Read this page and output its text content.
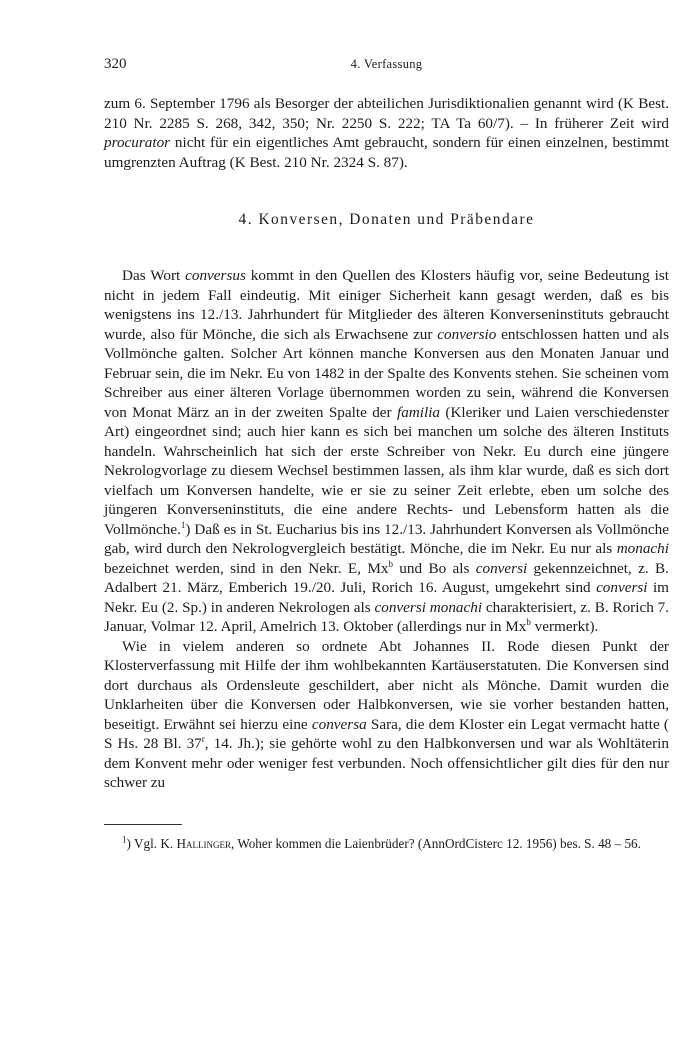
320	4. Verfassung

zum 6. September 1796 als Besorger der abteilichen Jurisdiktionalien genannt wird (K Best. 210 Nr. 2285 S. 268, 342, 350; Nr. 2250 S. 222; TA Ta 60/7). – In früherer Zeit wird procurator nicht für ein eigentliches Amt gebraucht, sondern für einen einzelnen, bestimmt umgrenzten Auftrag (K Best. 210 Nr. 2324 S. 87).

4. Konversen, Donaten und Präbendare

Das Wort conversus kommt in den Quellen des Klosters häufig vor, seine Bedeutung ist nicht in jedem Fall eindeutig. Mit einiger Sicherheit kann gesagt werden, daß es bis wenigstens ins 12./13. Jahrhundert für Mitglieder des älteren Konverseninstituts gebraucht wurde, also für Mönche, die sich als Erwachsene zur conversio entschlossen hatten und als Vollmönche galten. Solcher Art können manche Konversen aus den Monaten Januar und Februar sein, die im Nekr. Eu von 1482 in der Spalte des Konvents stehen. Sie scheinen vom Schreiber aus einer älteren Vorlage übernommen worden zu sein, während die Konversen von Monat März an in der zweiten Spalte der familia (Kleriker und Laien verschiedenster Art) eingeordnet sind; auch hier kann es sich bei manchen um solche des älteren Instituts handeln. Wahrscheinlich hat sich der erste Schreiber von Nekr. Eu durch eine jüngere Nekrologvorlage zu diesem Wechsel bestimmen lassen, als ihm klar wurde, daß es sich dort vielfach um Konversen handelte, wie er sie zu seiner Zeit erlebte, eben um solche des jüngeren Konverseninstituts, die eine andere Rechts- und Lebensform hatten als die Vollmönche.$^1$) Daß es in St. Eucharius bis ins 12./13. Jahrhundert Konversen als Vollmönche gab, wird durch den Nekrologvergleich bestätigt. Mönche, die im Nekr. Eu nur als monachi bezeichnet werden, sind in den Nekr. E, Mx$^b$ und Bo als conversi gekennzeichnet, z. B. Adalbert 21. März, Emberich 19./20. Juli, Rorich 16. August, umgekehrt sind conversi im Nekr. Eu (2. Sp.) in anderen Nekrologen als conversi monachi charakterisiert, z. B. Rorich 7. Januar, Volmar 12. April, Amelrich 13. Oktober (allerdings nur in Mx$^b$ vermerkt).

Wie in vielem anderen so ordnete Abt Johannes II. Rode diesen Punkt der Klosterverfassung mit Hilfe der ihm wohlbekannten Kartäuserstatuten. Die Konversen sind dort durchaus als Ordensleute geschildert, aber nicht als Mönche. Damit wurden die Unklarheiten über die Konversen oder Halbkonversen, wie sie vorher bestanden hatten, beseitigt. Erwähnt sei hierzu eine conversa Sara, die dem Kloster ein Legat vermacht hatte ( S Hs. 28 Bl. 37$^r$, 14. Jh.); sie gehörte wohl zu den Halbkonversen und war als Wohltäterin dem Konvent mehr oder weniger fest verbunden. Noch offensichtlicher gilt dies für den nur schwer zu

$^1$) Vgl. K. Hallinger, Woher kommen die Laienbrüder? (AnnOrdCisterc 12. 1956) bes. S. 48 – 56.
